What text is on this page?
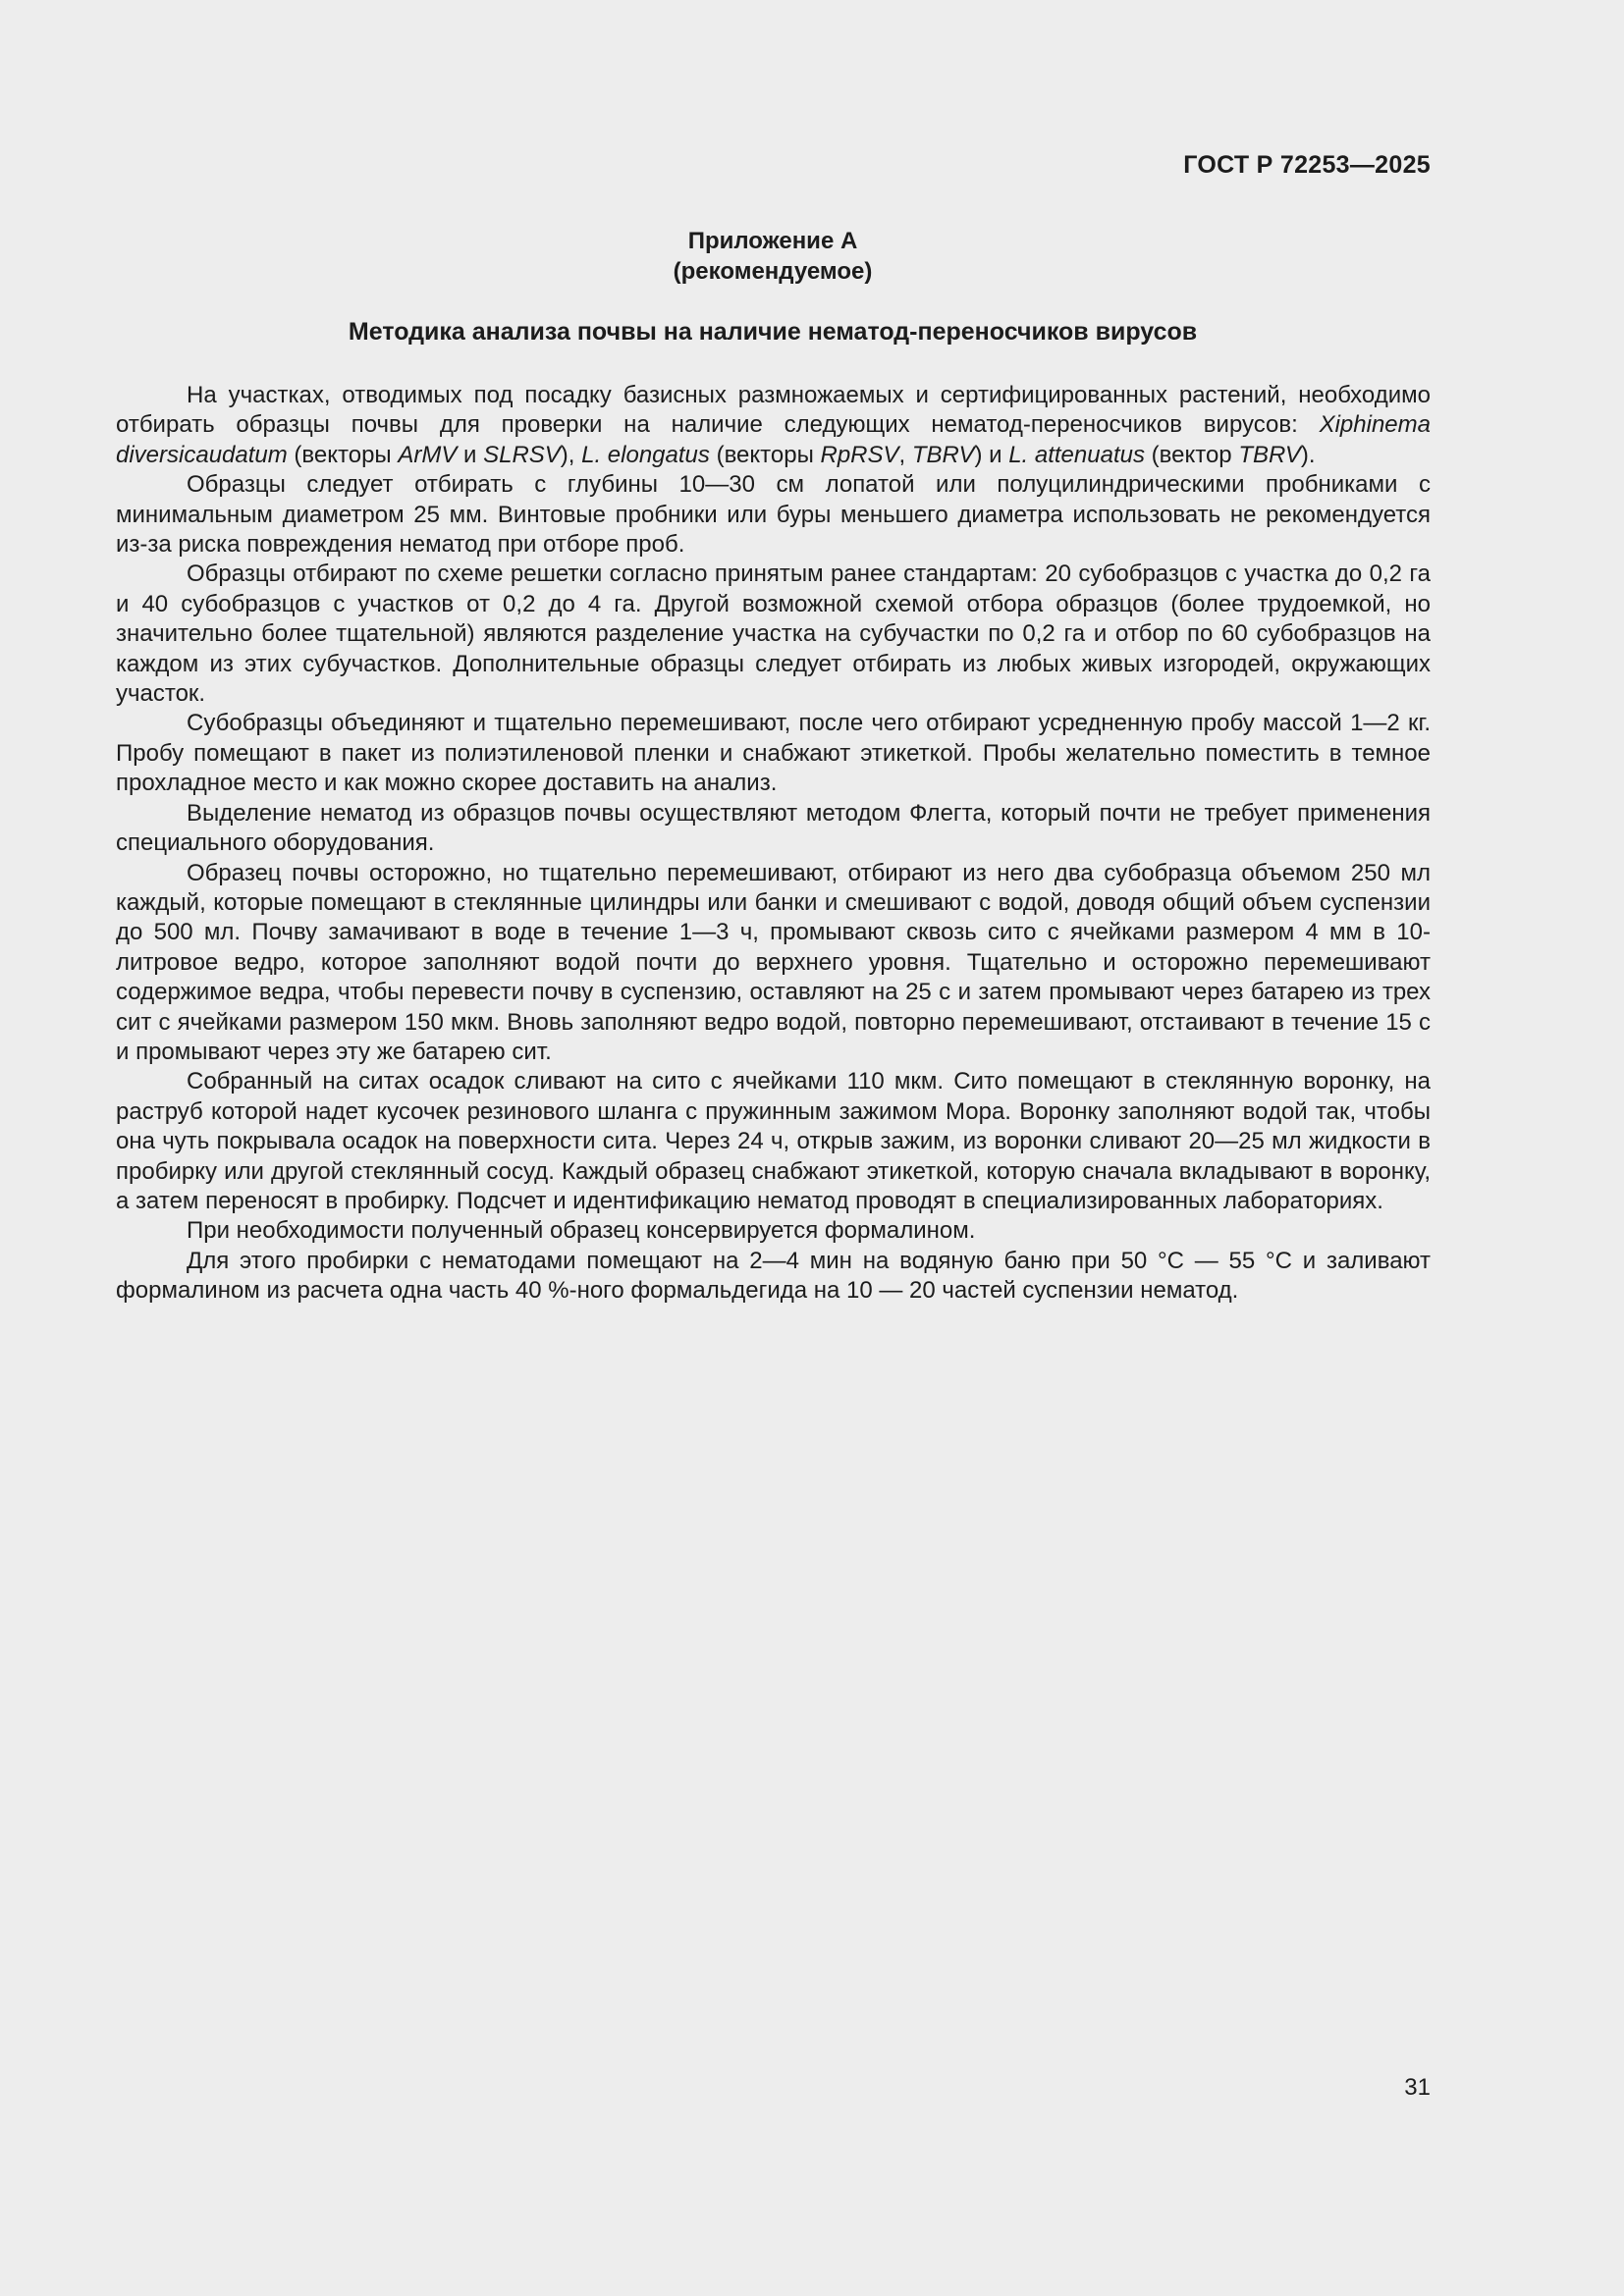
ГОСТ Р 72253—2025
Приложение А
(рекомендуемое)
Методика анализа почвы на наличие нематод-переносчиков вирусов

На участках, отводимых под посадку базисных размножаемых и сертифицированных растений, необходимо отбирать образцы почвы для проверки на наличие следующих нематод-переносчиков вирусов: Xiphinema diversicaudatum (векторы ArMV и SLRSV), L. elongatus (векторы RpRSV, TBRV) и L. attenuatus (вектор TBRV).

Образцы следует отбирать с глубины 10—30 см лопатой или полуцилиндрическими пробниками с минимальным диаметром 25 мм. Винтовые пробники или буры меньшего диаметра использовать не рекомендуется из-за риска повреждения нематод при отборе проб.

Образцы отбирают по схеме решетки согласно принятым ранее стандартам: 20 субобразцов с участка до 0,2 га и 40 субобразцов с участков от 0,2 до 4 га. Другой возможной схемой отбора образцов (более трудоемкой, но значительно более тщательной) являются разделение участка на субучастки по 0,2 га и отбор по 60 субобразцов на каждом из этих субучастков. Дополнительные образцы следует отбирать из любых живых изгородей, окружающих участок.

Субобразцы объединяют и тщательно перемешивают, после чего отбирают усредненную пробу массой 1—2 кг. Пробу помещают в пакет из полиэтиленовой пленки и снабжают этикеткой. Пробы желательно поместить в темное прохладное место и как можно скорее доставить на анализ.

Выделение нематод из образцов почвы осуществляют методом Флегта, который почти не требует применения специального оборудования.

Образец почвы осторожно, но тщательно перемешивают, отбирают из него два субобразца объемом 250 мл каждый, которые помещают в стеклянные цилиндры или банки и смешивают с водой, доводя общий объем суспензии до 500 мл. Почву замачивают в воде в течение 1—3 ч, промывают сквозь сито с ячейками размером 4 мм в 10-литровое ведро, которое заполняют водой почти до верхнего уровня. Тщательно и осторожно перемешивают содержимое ведра, чтобы перевести почву в суспензию, оставляют на 25 с и затем промывают через батарею из трех сит с ячейками размером 150 мкм. Вновь заполняют ведро водой, повторно перемешивают, отстаивают в течение 15 с и промывают через эту же батарею сит.

Собранный на ситах осадок сливают на сито с ячейками 110 мкм. Сито помещают в стеклянную воронку, на раструб которой надет кусочек резинового шланга с пружинным зажимом Мора. Воронку заполняют водой так, чтобы она чуть покрывала осадок на поверхности сита. Через 24 ч, открыв зажим, из воронки сливают 20—25 мл жидкости в пробирку или другой стеклянный сосуд. Каждый образец снабжают этикеткой, которую сначала вкладывают в воронку, а затем переносят в пробирку. Подсчет и идентификацию нематод проводят в специализированных лабораториях.

При необходимости полученный образец консервируется формалином.

Для этого пробирки с нематодами помещают на 2—4 мин на водяную баню при 50 °C — 55 °C и заливают формалином из расчета одна часть 40 %-ного формальдегида на 10 — 20 частей суспензии нематод.

31
